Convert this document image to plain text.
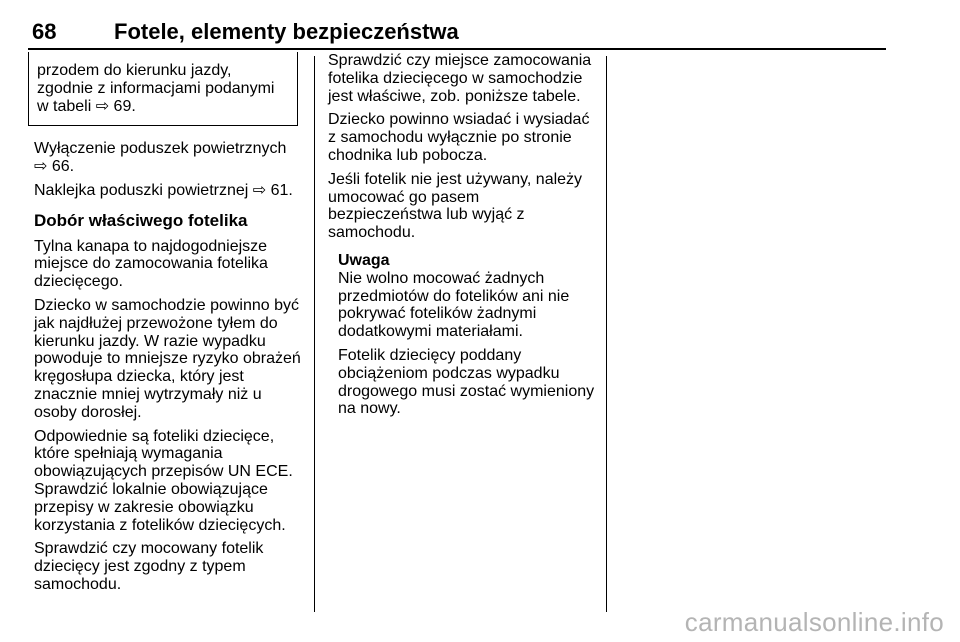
68	Fotele, elementy bezpieczeństwa

przodem do kierunku jazdy,
zgodnie z informacjami podanymi
w tabeli ⇨ 69.

Wyłączenie poduszek powietrznych
⇨ 66.

Naklejka poduszki powietrznej ⇨ 61.

Dobór właściwego fotelika

Tylna kanapa to najdogodniejsze
miejsce do zamocowania fotelika
dziecięcego.

Dziecko w samochodzie powinno być
jak najdłużej przewożone tyłem do
kierunku jazdy. W razie wypadku
powoduje to mniejsze ryzyko obrażeń
kręgosłupa dziecka, który jest
znacznie mniej wytrzymały niż u
osoby dorosłej.

Odpowiednie są foteliki dziecięce,
które spełniają wymagania
obowiązujących przepisów UN ECE.
Sprawdzić lokalnie obowiązujące
przepisy w zakresie obowiązku
korzystania z fotelików dziecięcych.

Sprawdzić czy mocowany fotelik
dziecięcy jest zgodny z typem
samochodu.

Sprawdzić czy miejsce zamocowania
fotelika dziecięcego w samochodzie
jest właściwe, zob. poniższe tabele.

Dziecko powinno wsiadać i wysiadać
z samochodu wyłącznie po stronie
chodnika lub pobocza.

Jeśli fotelik nie jest używany, należy
umocować go pasem
bezpieczeństwa lub wyjąć z
samochodu.

Uwaga

Nie wolno mocować żadnych
przedmiotów do fotelików ani nie
pokrywać fotelików żadnymi
dodatkowymi materiałami.

Fotelik dziecięcy poddany
obciążeniom podczas wypadku
drogowego musi zostać wymieniony
na nowy.

carmanualsonline.info
